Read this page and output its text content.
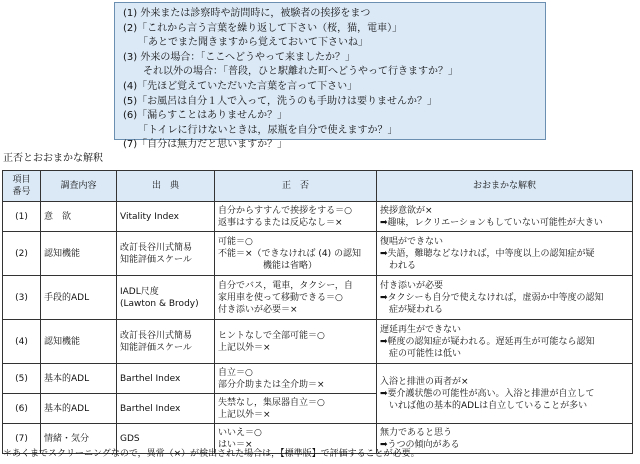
(1) 外来または診察時や訪問時に，被験者の挨拶をまつ
(2)「これから言う言葉を繰り返して下さい（桜，猫，電車）」
　　「あとでまた聞きますから覚えておいて下さいね」
(3) 外来の場合：「ここへどうやって来ましたか？」
　　それ以外の場合：「普段，ひと駅離れた町へどうやって行きますか？」
(4)「先ほど覚えていただいた言葉を言って下さい」
(5)「お風呂は自分１人で入って，洗うのも手助けは要りませんか？」
(6)「漏らすことはありませんか？」
　　「トイレに行けないときは，尿瓶を自分で使えますか？」
(7)「自分は無力だと思いますか？」
正否とおおまかな解釈
項目
番号	調査内容	出　典	正　否	おおまかな解釈
(1)	意　欲	Vitality Index	自分からすすんで挨拶をする＝○
返事はするまたは反応なし＝×	挨拶意欲が×
➡趣味，レクリエーションもしていない可能性が大きい

(2)	認知機能	改訂長谷川式簡易
知能評価スケール	可能＝○
不能＝×（できなければ (4) の認知
　　　　　機能は省略）	復唱ができない
➡失語，難聴などなければ，中等度以上の認知症が疑
　われる

(3)	手段的ADL	IADL尺度
(Lawton & Brody)	自分でバス，電車，タクシー，自
家用車を使って移動できる＝○
付き添いが必要＝×	付き添いが必要
➡タクシーも自分で使えなければ，虚弱か中等度の認知
　症が疑われる

(4)	認知機能	改訂長谷川式簡易
知能評価スケール	ヒントなしで全部可能＝○
上記以外＝×	遅延再生ができない
➡軽度の認知症が疑われる。遅延再生が可能なら認知
　症の可能性は低い

(5)	基本的ADL	Barthel Index	自立＝○
部分介助または全介助＝×	入浴と排泄の両者が×
➡要介護状態の可能性が高い。入浴と排泄が自立して
　いれば他の基本的ADLは自立していることが多い

(6)	基本的ADL	Barthel Index	失禁なし，集尿器自立＝○
上記以外＝×	

(7)	情緒・気分	GDS	いいえ＝○
はい＝×	無力であると思う
➡うつの傾向がある
＊あくまでスクリーニングなので，異常（×）が検出された場合は，【標準版】で評価することが必要。
